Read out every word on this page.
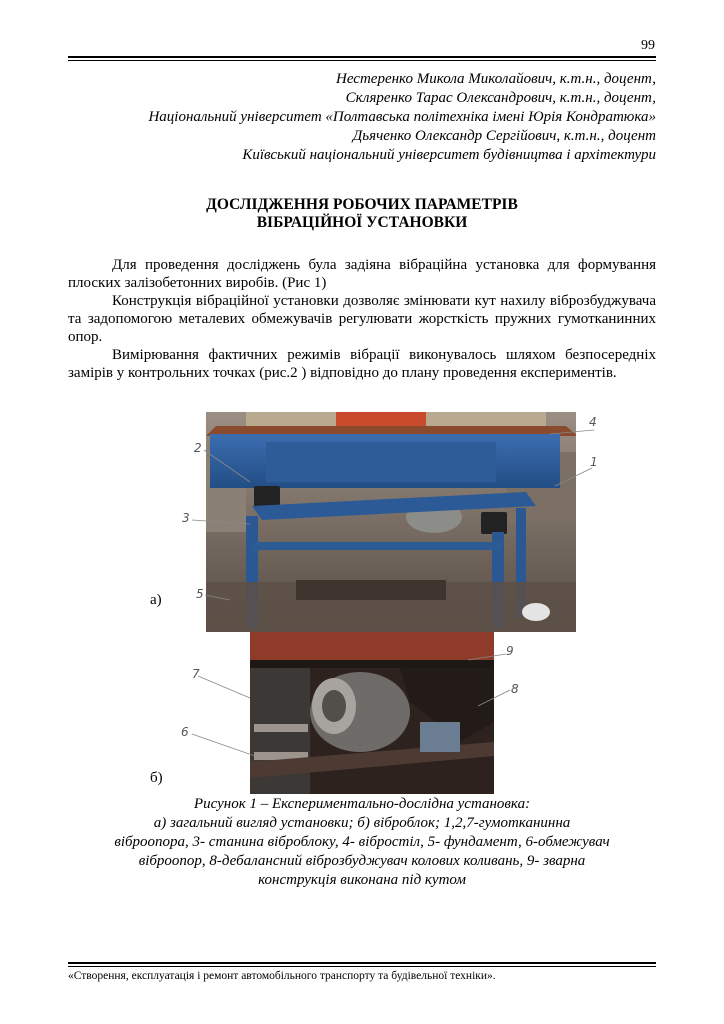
99
Нестеренко Микола Миколайович, к.т.н., доцент,
Скляренко Тарас Олександрович, к.т.н., доцент,
Національний університет «Полтавська політехніка імені Юрія Кондратюка»
Дьяченко Олександр Сергійович, к.т.н., доцент
Київський національний університет будівництва і архітектури
ДОСЛІДЖЕННЯ РОБОЧИХ ПАРАМЕТРІВ
ВІБРАЦІЙНОЇ УСТАНОВКИ

Для проведення досліджень була задіяна вібраційна установка для формування плоских залізобетонних виробів. (Рис 1)

Конструкція вібраційної установки дозволяє змінювати кут нахилу віброзбуджувача та задопомогою металевих обмежувачів регулювати жорсткість пружних гумотканинних опор.

Вимірювання фактичних режимів вібрації виконувалось шляхом безпосередніх замірів у контрольних точках (рис.2 ) відповідно до плану проведення експериментів.

4
2
1
3
5
9
7
8
6
а)
б)
Рисунок 1 – Експериментально-дослідна установка:
а) загальний вигляд установки; б) віброблок; 1,2,7-гумотканинна
віброопора, 3- станина віброблоку, 4- вібростіл, 5- фундамент, 6-обмежувач
віброопор, 8-дебалансний віброзбуджувач колових коливань, 9- зварна
конструкція виконана під кутом
«Створення, експлуатація і ремонт автомобільного транспорту та будівельної техніки».
